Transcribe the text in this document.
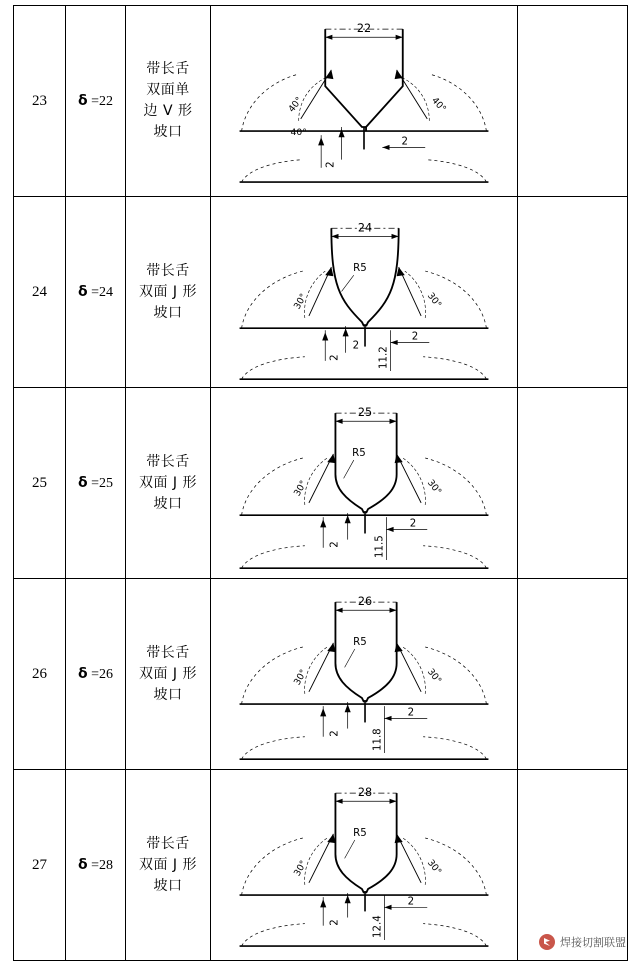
23	δ =22	
带长舌
双面单
边 V 形
坡口

22
40°	40°
40°
2
2

24	δ =24	
带长舌
双面 J 形
坡口

24
R5
30°	30°
2
2
2
11.2

25	δ =25	
带长舌
双面 J 形
坡口

25
R5
30°	30°
2
2
11.5

26	δ =26	
带长舌
双面 J 形
坡口

26
R5
30°	30°
2
2
11.8

27	δ =28	
带长舌
双面 J 形
坡口

28
R5
30°	30°
2
2
12.4

焊接切割联盟
